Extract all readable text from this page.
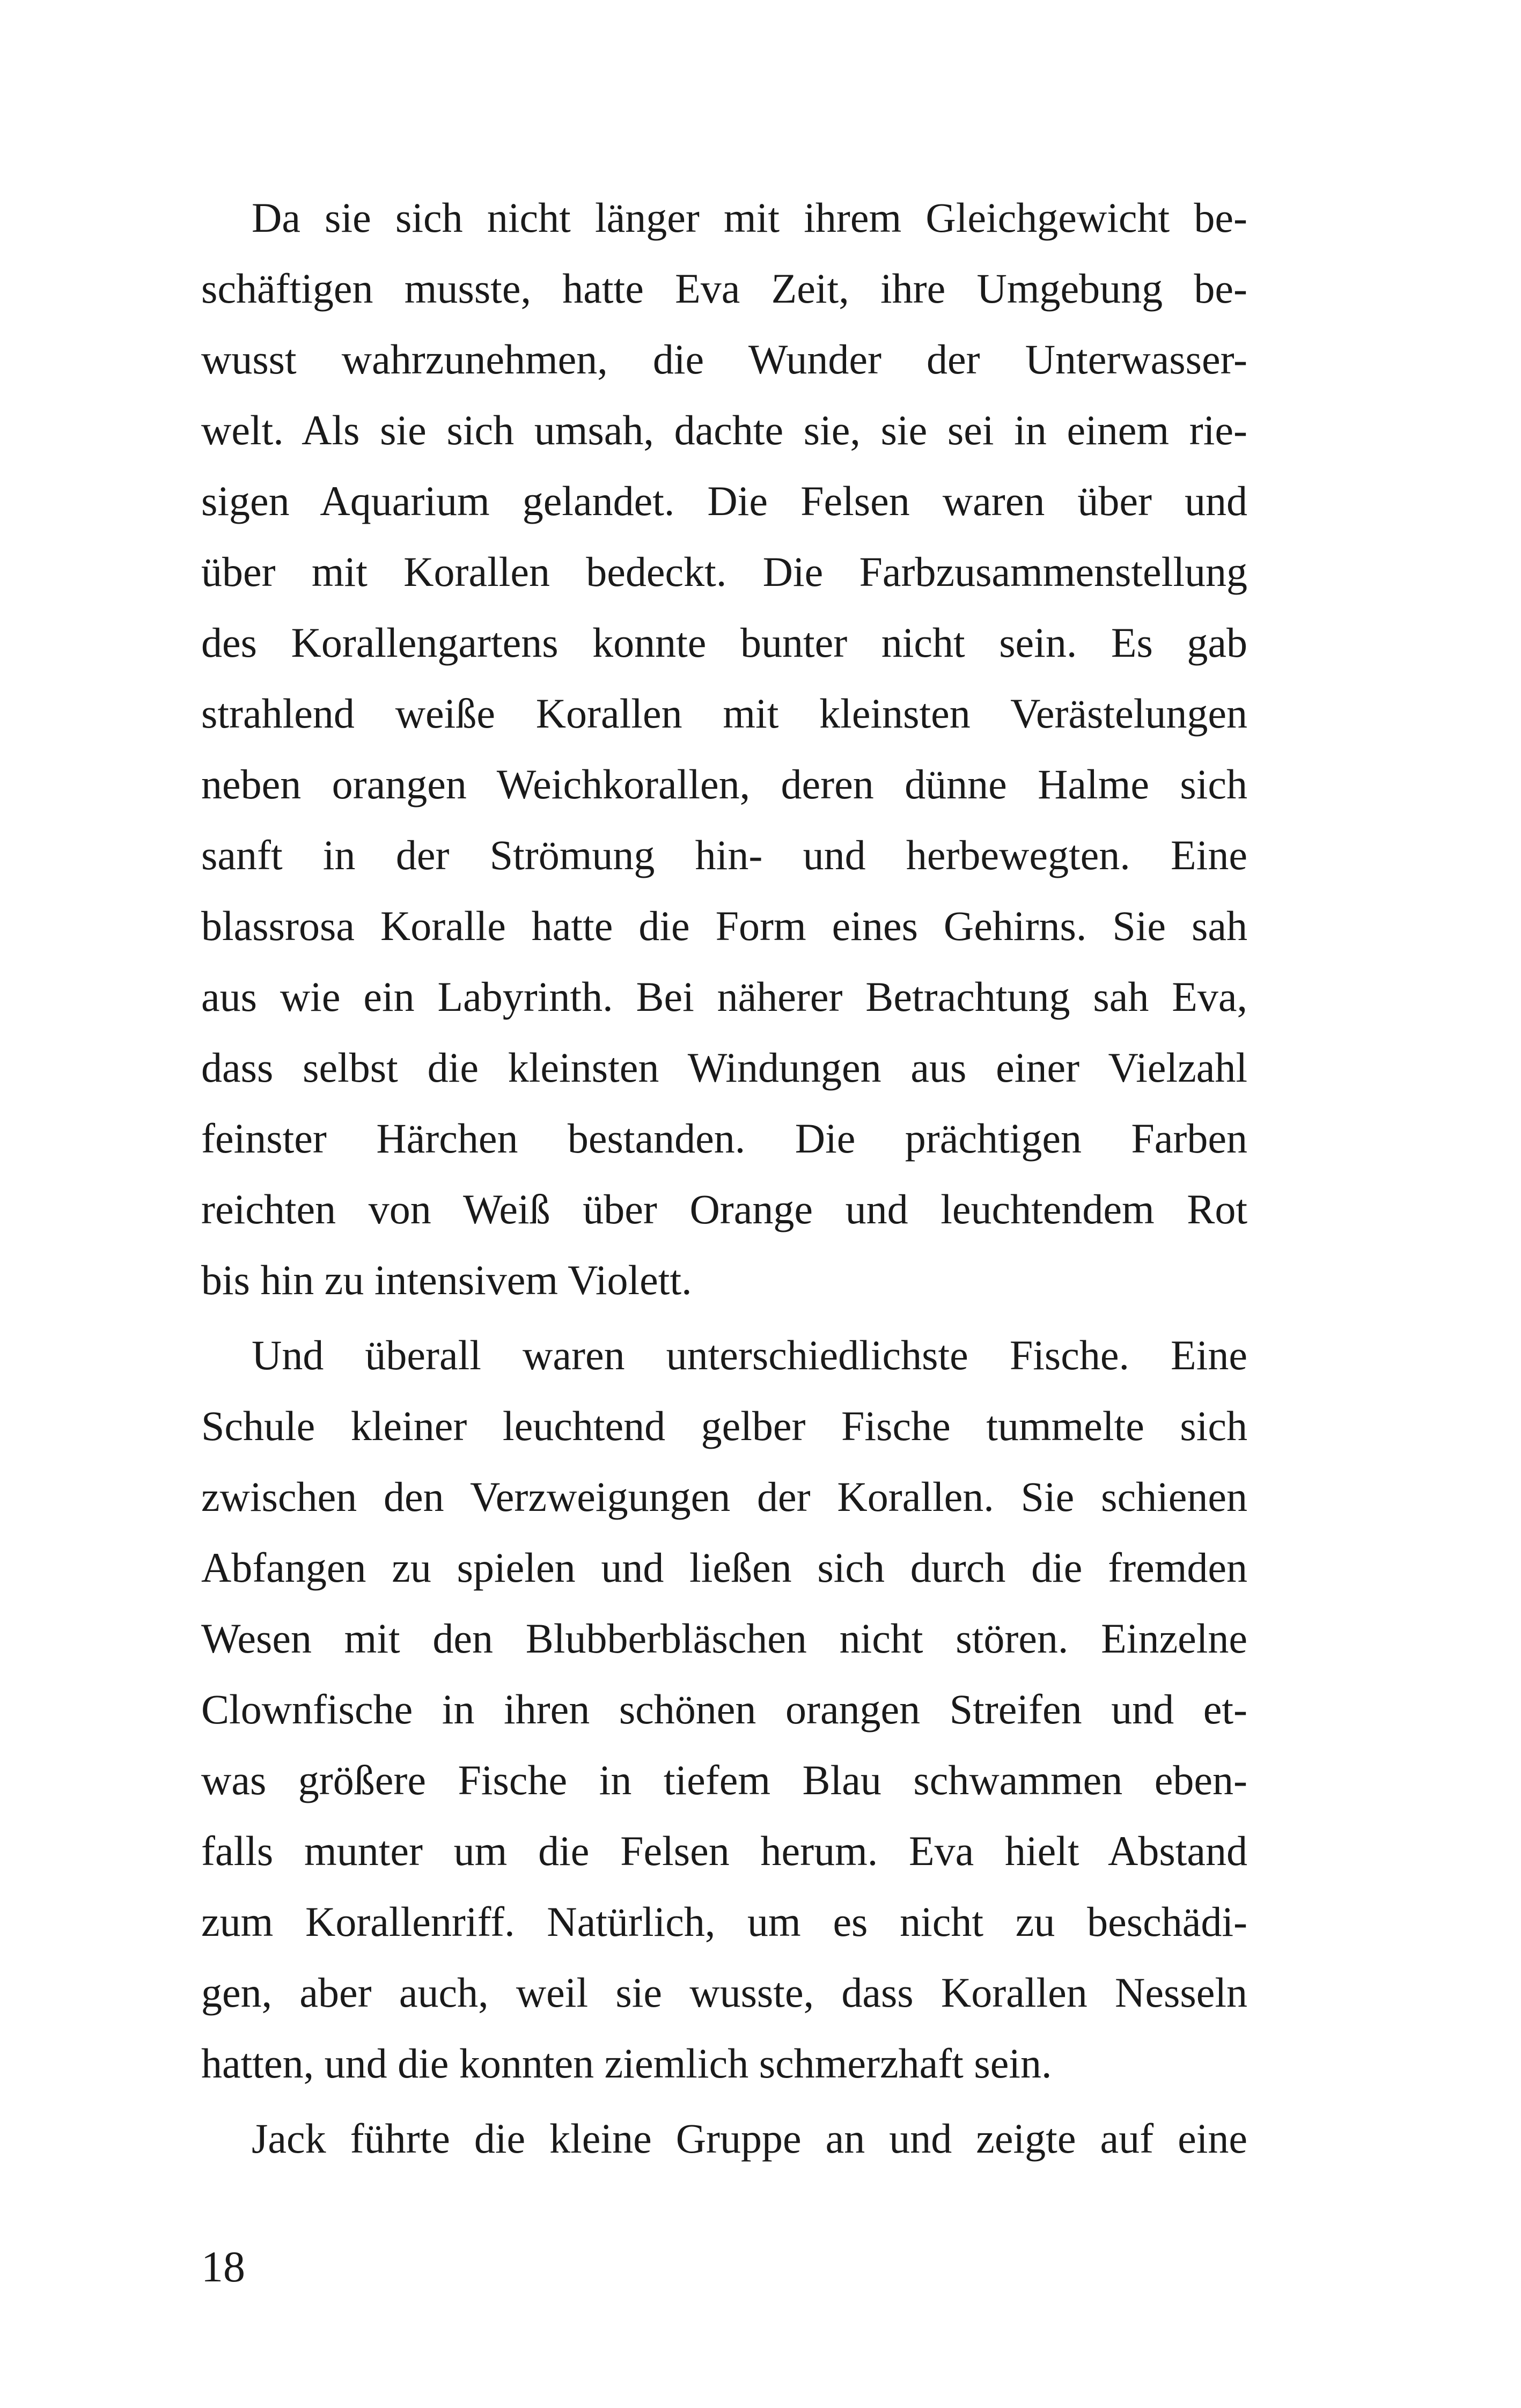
Da sie sich nicht länger mit ihrem Gleichgewicht be-
schäftigen musste, hatte Eva Zeit, ihre Umgebung be-
wusst wahrzunehmen, die Wunder der Unterwasser-
welt. Als sie sich umsah, dachte sie, sie sei in einem rie-
sigen Aquarium gelandet. Die Felsen waren über und
über mit Korallen bedeckt. Die Farbzusammenstellung
des Korallengartens konnte bunter nicht sein. Es gab
strahlend weiße Korallen mit kleinsten Verästelungen
neben orangen Weichkorallen, deren dünne Halme sich
sanft in der Strömung hin- und herbewegten. Eine
blassrosa Koralle hatte die Form eines Gehirns. Sie sah
aus wie ein Labyrinth. Bei näherer Betrachtung sah Eva,
dass selbst die kleinsten Windungen aus einer Vielzahl
feinster Härchen bestanden. Die prächtigen Farben
reichten von Weiß über Orange und leuchtendem Rot
bis hin zu intensivem Violett.

Und überall waren unterschiedlichste Fische. Eine
Schule kleiner leuchtend gelber Fische tummelte sich
zwischen den Verzweigungen der Korallen. Sie schienen
Abfangen zu spielen und ließen sich durch die fremden
Wesen mit den Blubberbläschen nicht stören. Einzelne
Clownfische in ihren schönen orangen Streifen und et-
was größere Fische in tiefem Blau schwammen eben-
falls munter um die Felsen herum. Eva hielt Abstand
zum Korallenriff. Natürlich, um es nicht zu beschädi-
gen, aber auch, weil sie wusste, dass Korallen Nesseln
hatten, und die konnten ziemlich schmerzhaft sein.

Jack führte die kleine Gruppe an und zeigte auf eine

18
